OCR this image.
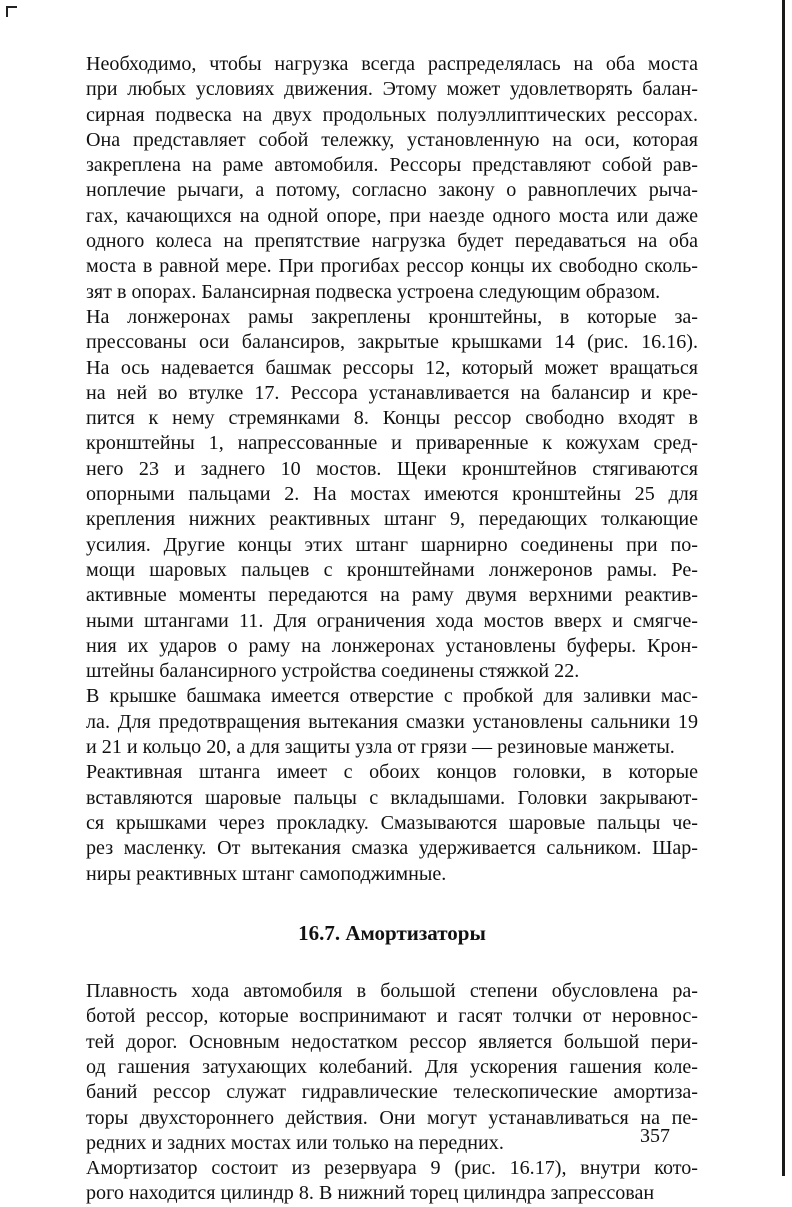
Необходимо, чтобы нагрузка всегда распределялась на оба моста
при любых условиях движения. Этому может удовлетворять балан-
сирная подвеска на двух продольных полуэллиптических рессорах.
Она представляет собой тележку, установленную на оси, которая
закреплена на раме автомобиля. Рессоры представляют собой рав-
ноплечие рычаги, а потому, согласно закону о равноплечих рыча-
гах, качающихся на одной опоре, при наезде одного моста или даже
одного колеса на препятствие нагрузка будет передаваться на оба
моста в равной мере. При прогибах рессор концы их свободно сколь-
зят в опорах. Балансирная подвеска устроена следующим образом.

На лонжеронах рамы закреплены кронштейны, в которые за-
прессованы оси балансиров, закрытые крышками 14 (рис. 16.16).
На ось надевается башмак рессоры 12, который может вращаться
на ней во втулке 17. Рессора устанавливается на балансир и кре-
пится к нему стремянками 8. Концы рессор свободно входят в
кронштейны 1, напрессованные и приваренные к кожухам сред-
него 23 и заднего 10 мостов. Щеки кронштейнов стягиваются
опорными пальцами 2. На мостах имеются кронштейны 25 для
крепления нижних реактивных штанг 9, передающих толкающие
усилия. Другие концы этих штанг шарнирно соединены при по-
мощи шаровых пальцев с кронштейнами лонжеронов рамы. Ре-
активные моменты передаются на раму двумя верхними реактив-
ными штангами 11. Для ограничения хода мостов вверх и смягче-
ния их ударов о раму на лонжеронах установлены буферы. Крон-
штейны балансирного устройства соединены стяжкой 22.

В крышке башмака имеется отверстие с пробкой для заливки мас-
ла. Для предотвращения вытекания смазки установлены сальники 19
и 21 и кольцо 20, а для защиты узла от грязи — резиновые манжеты.

Реактивная штанга имеет с обоих концов головки, в которые
вставляются шаровые пальцы с вкладышами. Головки закрывают-
ся крышками через прокладку. Смазываются шаровые пальцы че-
рез масленку. От вытекания смазка удерживается сальником. Шар-
ниры реактивных штанг самоподжимные.

16.7. Амортизаторы

Плавность хода автомобиля в большой степени обусловлена ра-
ботой рессор, которые воспринимают и гасят толчки от неровнос-
тей дорог. Основным недостатком рессор является большой пери-
од гашения затухающих колебаний. Для ускорения гашения коле-
баний рессор служат гидравлические телескопические амортиза-
торы двухстороннего действия. Они могут устанавливаться на пе-
редних и задних мостах или только на передних.

Амортизатор состоит из резервуара 9 (рис. 16.17), внутри кото-
рого находится цилиндр 8. В нижний торец цилиндра запрессован

357
